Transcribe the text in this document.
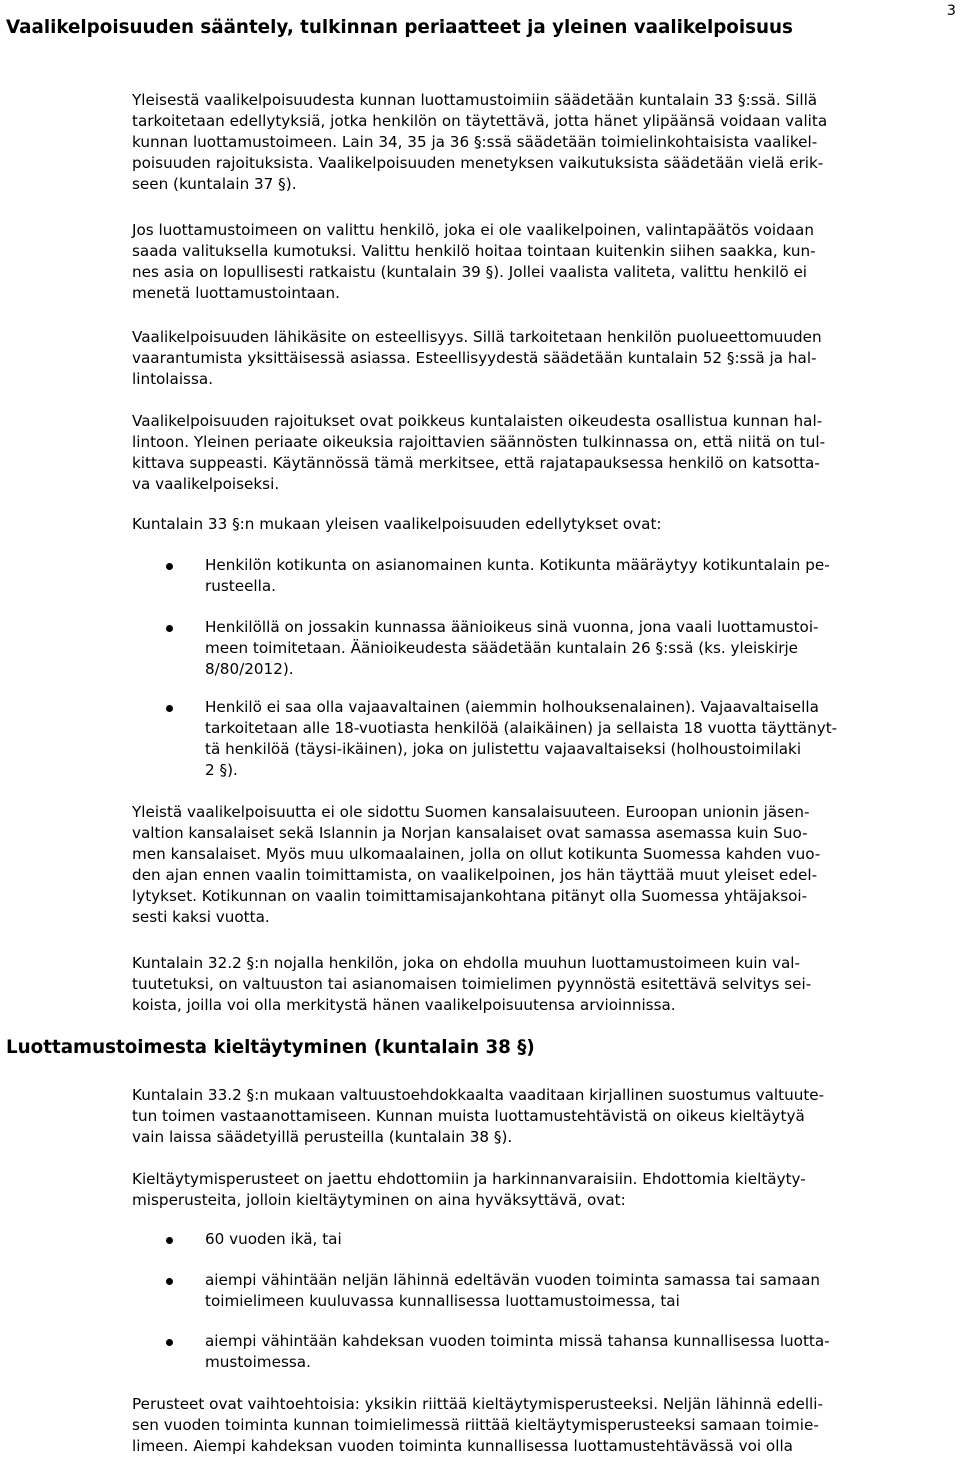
3
Vaalikelpoisuuden sääntely, tulkinnan periaatteet ja yleinen vaalikelpoisuus

Yleisestä vaalikelpoisuudesta kunnan luottamustoimiin säädetään kuntalain 33 §:ssä. Sillä
tarkoitetaan edellytyksiä, jotka henkilön on täytettävä, jotta hänet ylipäänsä voidaan valita
kunnan luottamustoimeen. Lain 34, 35 ja 36 §:ssä säädetään toimielinkohtaisista vaalikel-
poisuuden rajoituksista. Vaalikelpoisuuden menetyksen vaikutuksista säädetään vielä erik-
seen (kuntalain 37 §).

Jos luottamustoimeen on valittu henkilö, joka ei ole vaalikelpoinen, valintapäätös voidaan
saada valituksella kumotuksi. Valittu henkilö hoitaa tointaan kuitenkin siihen saakka, kun-
nes asia on lopullisesti ratkaistu (kuntalain 39 §). Jollei vaalista valiteta, valittu henkilö ei
menetä luottamustointaan.

Vaalikelpoisuuden lähikäsite on esteellisyys. Sillä tarkoitetaan henkilön puolueettomuuden
vaarantumista yksittäisessä asiassa. Esteellisyydestä säädetään kuntalain 52 §:ssä ja hal-
lintolaissa.

Vaalikelpoisuuden rajoitukset ovat poikkeus kuntalaisten oikeudesta osallistua kunnan hal-
lintoon. Yleinen periaate oikeuksia rajoittavien säännösten tulkinnassa on, että niitä on tul-
kittava suppeasti. Käytännössä tämä merkitsee, että rajatapauksessa henkilö on katsotta-
va vaalikelpoiseksi.

Kuntalain 33 §:n mukaan yleisen vaalikelpoisuuden edellytykset ovat:

Henkilön kotikunta on asianomainen kunta. Kotikunta määräytyy kotikuntalain pe-
rusteella.
Henkilöllä on jossakin kunnassa äänioikeus sinä vuonna, jona vaali luottamustoi-
meen toimitetaan. Äänioikeudesta säädetään kuntalain 26 §:ssä (ks. yleiskirje
8/80/2012).
Henkilö ei saa olla vajaavaltainen (aiemmin holhouksenalainen). Vajaavaltaisella
tarkoitetaan alle 18-vuotiasta henkilöä (alaikäinen) ja sellaista 18 vuotta täyttänyt-
tä henkilöä (täysi-ikäinen), joka on julistettu vajaavaltaiseksi (holhoustoimilaki
2 §).

Yleistä vaalikelpoisuutta ei ole sidottu Suomen kansalaisuuteen. Euroopan unionin jäsen-
valtion kansalaiset sekä Islannin ja Norjan kansalaiset ovat samassa asemassa kuin Suo-
men kansalaiset. Myös muu ulkomaalainen, jolla on ollut kotikunta Suomessa kahden vuo-
den ajan ennen vaalin toimittamista, on vaalikelpoinen, jos hän täyttää muut yleiset edel-
lytykset. Kotikunnan on vaalin toimittamisajankohtana pitänyt olla Suomessa yhtäjaksoi-
sesti kaksi vuotta.

Kuntalain 32.2 §:n nojalla henkilön, joka on ehdolla muuhun luottamustoimeen kuin val-
tuutetuksi, on valtuuston tai asianomaisen toimielimen pyynnöstä esitettävä selvitys sei-
koista, joilla voi olla merkitystä hänen vaalikelpoisuutensa arvioinnissa.

Luottamustoimesta kieltäytyminen (kuntalain 38 §)

Kuntalain 33.2 §:n mukaan valtuustoehdokkaalta vaaditaan kirjallinen suostumus valtuute-
tun toimen vastaanottamiseen. Kunnan muista luottamustehtävistä on oikeus kieltäytyä
vain laissa säädetyillä perusteilla (kuntalain 38 §).

Kieltäytymisperusteet on jaettu ehdottomiin ja harkinnanvaraisiin. Ehdottomia kieltäyty-
misperusteita, jolloin kieltäytyminen on aina hyväksyttävä, ovat:

60 vuoden ikä, tai
aiempi vähintään neljän lähinnä edeltävän vuoden toiminta samassa tai samaan
toimielimeen kuuluvassa kunnallisessa luottamustoimessa, tai
aiempi vähintään kahdeksan vuoden toiminta missä tahansa kunnallisessa luotta-
mustoimessa.

Perusteet ovat vaihtoehtoisia: yksikin riittää kieltäytymisperusteeksi. Neljän lähinnä edelli-
sen vuoden toiminta kunnan toimielimessä riittää kieltäytymisperusteeksi samaan toimie-
limeen. Aiempi kahdeksan vuoden toiminta kunnallisessa luottamustehtävässä voi olla
